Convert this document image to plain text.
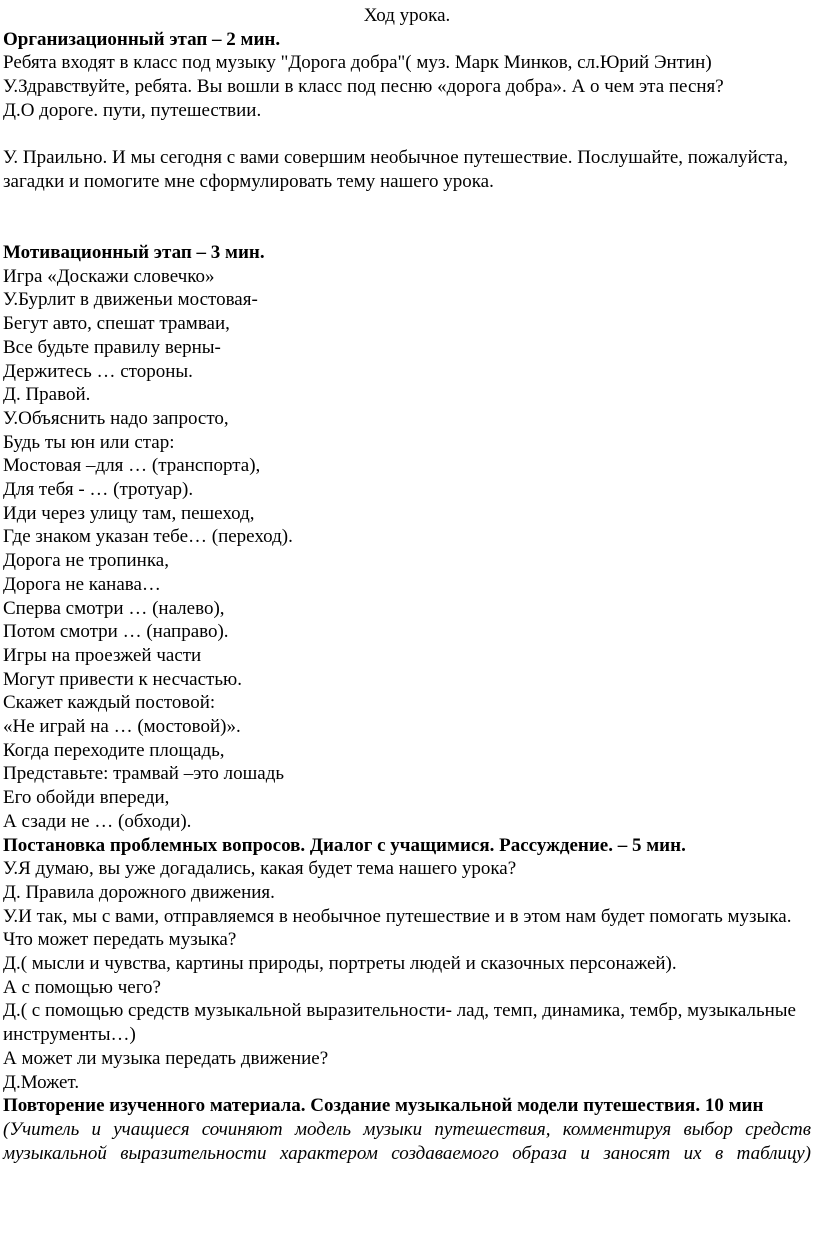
Ход урока.

Организационный этап – 2 мин.

Ребята входят в класс под музыку "Дорога добра"( муз. Марк Минков, сл.Юрий Энтин)

У.Здравствуйте, ребята. Вы вошли в класс под песню «дорога добра». А о чем эта песня?

Д.О дороге. пути, путешествии.

У. Праильно. И мы сегодня с вами совершим необычное путешествие. Послушайте, пожалуйста, загадки и помогите мне сформулировать тему нашего урока.

Мотивационный этап – 3 мин.

Игра «Доскажи словечко»

У.Бурлит в движеньи мостовая-

Бегут авто, спешат трамваи,

Все будьте правилу верны-

Держитесь … стороны.

Д. Правой.

У.Объяснить надо запросто,

Будь ты юн или стар:

Мостовая –для … (транспорта),

Для тебя - … (тротуар).

Иди через улицу там, пешеход,

Где знаком указан тебе… (переход).

Дорога не тропинка,

Дорога не канава…

Сперва смотри … (налево),

Потом смотри … (направо).

Игры на проезжей части

Могут привести к несчастью.

Скажет каждый постовой:

«Не играй на … (мостовой)».

Когда переходите площадь,

Представьте: трамвай –это лошадь

Его обойди впереди,

А сзади не … (обходи).

Постановка проблемных вопросов. Диалог с учащимися. Рассуждение. – 5 мин.

У.Я думаю, вы уже догадались, какая будет тема нашего урока?

Д. Правила дорожного движения.

У.И так, мы с вами, отправляемся в необычное путешествие и в этом нам будет помогать музыка.

Что может передать музыка?

Д.( мысли и чувства, картины природы, портреты людей и сказочных персонажей).

А с помощью чего?

Д.( с помощью средств музыкальной выразительности- лад, темп, динамика, тембр, музыкальные инструменты…)

А может ли музыка передать движение?

Д.Может.

Повторение изученного материала. Создание музыкальной модели путешествия. 10 мин

(Учитель и учащиеся сочиняют модель музыки путешествия, комментируя выбор средств музыкальной выразительности характером создаваемого образа и заносят их в таблицу)
